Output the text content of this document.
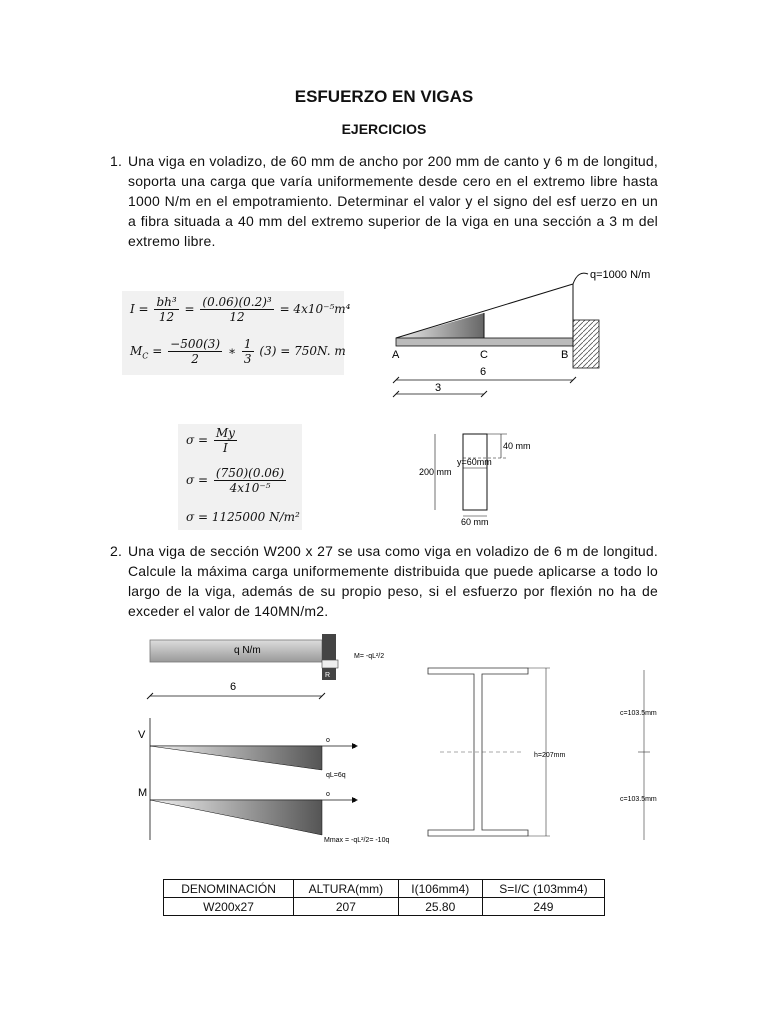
ESFUERZO EN VIGAS
EJERCICIOS
1. Una viga en voladizo, de 60 mm de ancho por 200 mm de canto y 6 m de longitud, soporta una carga que varía uniformemente desde cero en el extremo libre hasta 1000 N/m en el empotramiento. Determinar el valor y el signo del esf uerzo en un a fibra situada a 40 mm del extremo superior de la viga en una sección a 3 m del extremo libre.
$I = \frac{\text{bh³}}{12} = \frac{\text{(0.06)(0.2)³}}{12} = 4x10^{-5}m^4$
$M_C = \frac{-500(3)}{2}$ ∗ $\frac{1}{3} (3) = 750N$. m
q=1000 N/m
A	C	B
6
3
$\sigma = \frac{My}{I}$
$\sigma = \frac{(750)(0.06)}{\text{4x10⁻⁵}}$
σ = 1125000 N/m²
40 mm
y=60mm
200 mm
60 mm
2. Una viga de sección W200 x 27 se usa como viga en voladizo de 6 m de longitud. Calcule la máxima carga uniformemente distribuida que puede aplicarse a todo lo largo de la viga, además de su propio peso, si el esfuerzo por flexión no ha de exceder el valor de 140MN/m2.
q N/m
M= -qL²/2
R
6
V	o
x
qL=6q
M	o
x
Mmax = -qL²/2= -10q
h=207mm
c=103.5mm
c=103.5mm
DENOMINACIÓN	ALTURA(mm)	I(106mm4)	S=I/C (103mm4)
W200x27	207	25.80	249
